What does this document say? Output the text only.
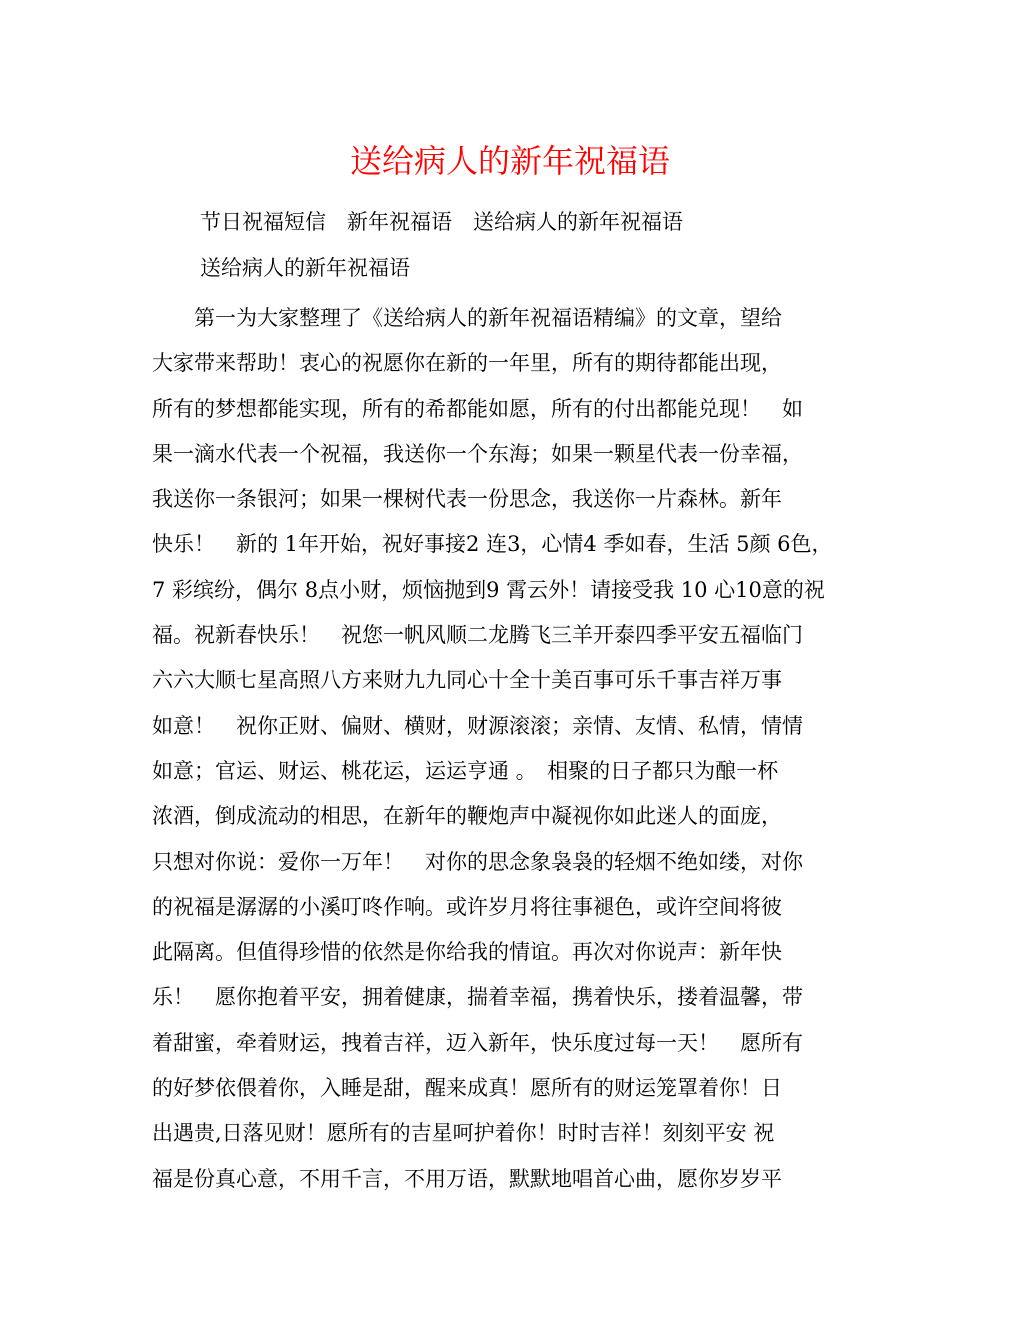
送给病人的新年祝福语
节日祝福短信　新年祝福语　送给病人的新年祝福语
送给病人的新年祝福语
　　第一为大家整理了《送给病人的新年祝福语精编》的文章，望给
大家带来帮助！衷心的祝愿你在新的一年里，所有的期待都能出现，
所有的梦想都能实现，所有的希都能如愿，所有的付出都能兑现！　如
果一滴水代表一个祝福，我送你一个东海；如果一颗星代表一份幸福，
我送你一条银河；如果一棵树代表一份思念，我送你一片森林。新年
快乐！　新的 1年开始，祝好事接2 连3，心情4 季如春，生活 5颜 6色，
7 彩缤纷，偶尔 8点小财，烦恼抛到9 霄云外！请接受我 10 心10意的祝
福。祝新春快乐！　祝您一帆风顺二龙腾飞三羊开泰四季平安五福临门
六六大顺七星高照八方来财九九同心十全十美百事可乐千事吉祥万事
如意！　祝你正财、偏财、横财，财源滚滚；亲情、友情、私情，情情
如意；官运、财运、桃花运，运运亨通 。　相聚的日子都只为酿一杯
浓酒，倒成流动的相思，在新年的鞭炮声中凝视你如此迷人的面庞，
只想对你说：爱你一万年！　对你的思念象袅袅的轻烟不绝如缕，对你
的祝福是潺潺的小溪叮咚作响。或许岁月将往事褪色，或许空间将彼
此隔离。但值得珍惜的依然是你给我的情谊。再次对你说声：新年快
乐！　愿你抱着平安，拥着健康，揣着幸福，携着快乐，搂着温馨，带
着甜蜜，牵着财运，拽着吉祥，迈入新年，快乐度过每一天！　愿所有
的好梦依偎着你，入睡是甜，醒来成真！愿所有的财运笼罩着你！日
出遇贵,日落见财！愿所有的吉星呵护着你！时时吉祥！刻刻平安 祝
福是份真心意，不用千言，不用万语，默默地唱首心曲，愿你岁岁平
